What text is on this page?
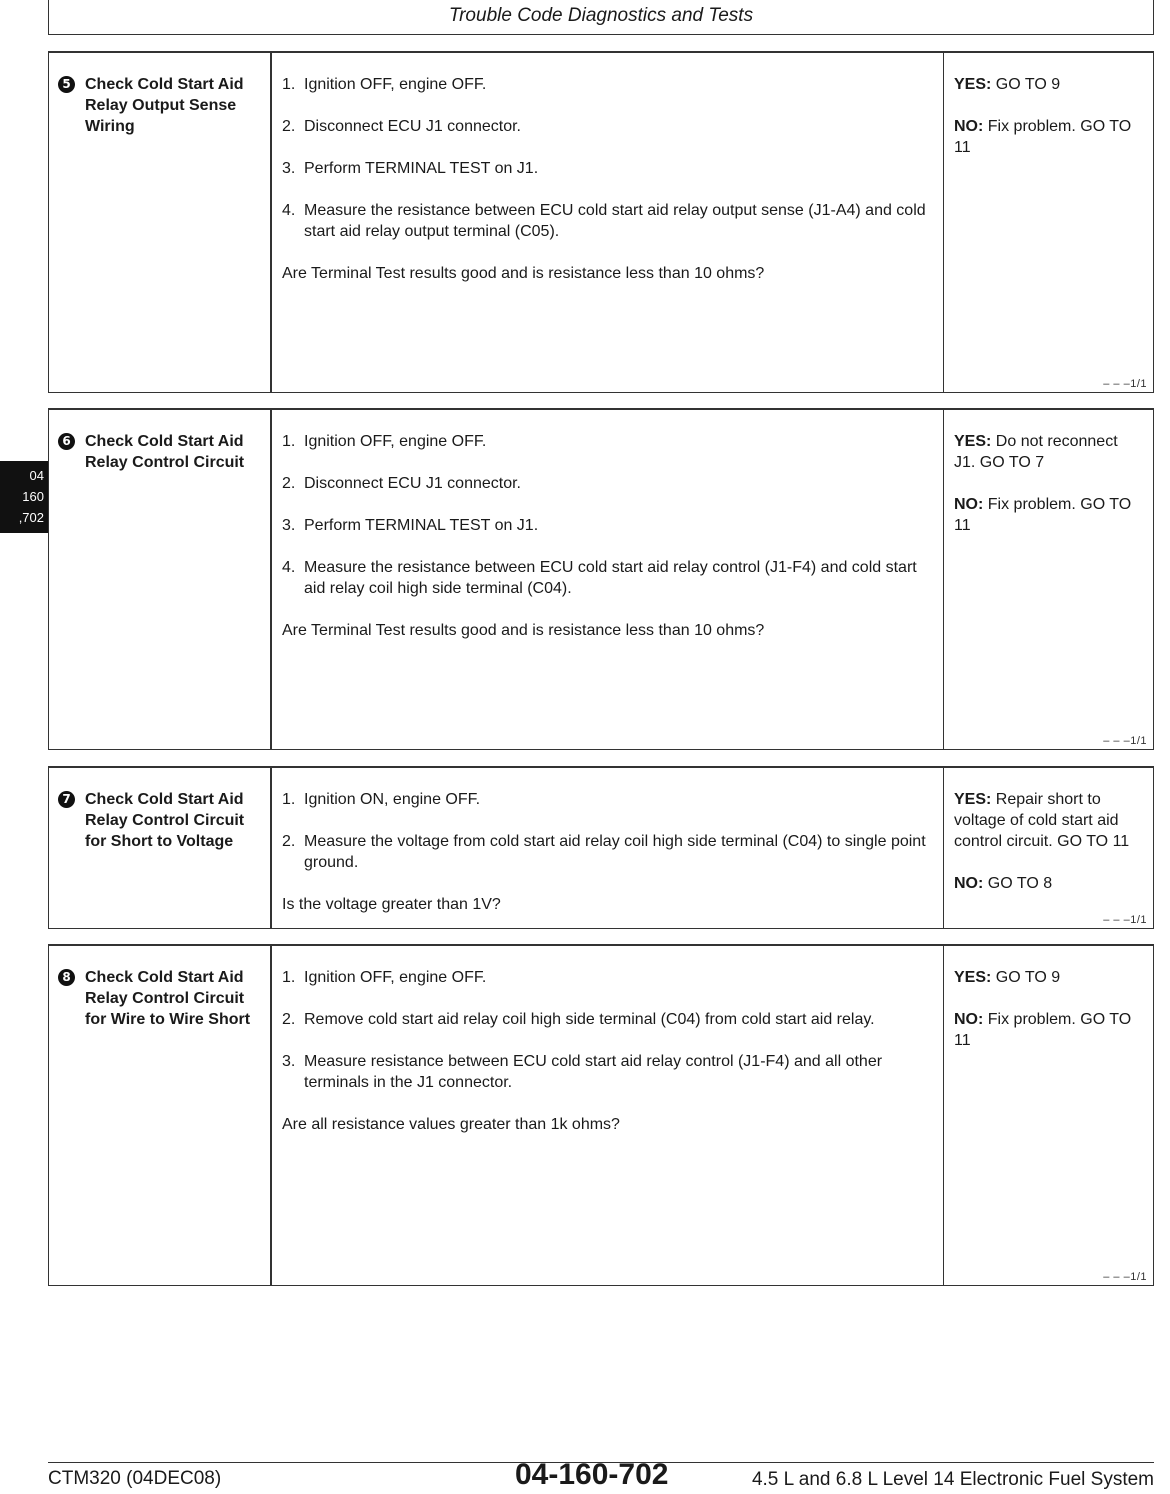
Trouble Code Diagnostics and Tests
04
160
,702
5 Check Cold Start Aid Relay Output Sense Wiring
1. Ignition OFF, engine OFF.
2. Disconnect ECU J1 connector.
3. Perform TERMINAL TEST on J1.
4. Measure the resistance between ECU cold start aid relay output sense (J1-A4) and cold start aid relay output terminal (C05).

Are Terminal Test results good and is resistance less than 10 ohms?

YES: GO TO 9

NO: Fix problem. GO TO 11

– – –1/1
6 Check Cold Start Aid Relay Control Circuit
1. Ignition OFF, engine OFF.
2. Disconnect ECU J1 connector.
3. Perform TERMINAL TEST on J1.
4. Measure the resistance between ECU cold start aid relay control (J1-F4) and cold start aid relay coil high side terminal (C04).

Are Terminal Test results good and is resistance less than 10 ohms?

YES: Do not reconnect J1. GO TO 7

NO: Fix problem. GO TO 11

– – –1/1
7 Check Cold Start Aid Relay Control Circuit for Short to Voltage
1. Ignition ON, engine OFF.
2. Measure the voltage from cold start aid relay coil high side terminal (C04) to single point ground.

Is the voltage greater than 1V?

YES: Repair short to voltage of cold start aid control circuit. GO TO 11

NO: GO TO 8

– – –1/1
8 Check Cold Start Aid Relay Control Circuit for Wire to Wire Short
1. Ignition OFF, engine OFF.
2. Remove cold start aid relay coil high side terminal (C04) from cold start aid relay.
3. Measure resistance between ECU cold start aid relay control (J1-F4) and all other terminals in the J1 connector.

Are all resistance values greater than 1k ohms?

YES: GO TO 9

NO: Fix problem. GO TO 11

– – –1/1
CTM320 (04DEC08)	04-160-702	4.5 L and 6.8 L Level 14 Electronic Fuel System
